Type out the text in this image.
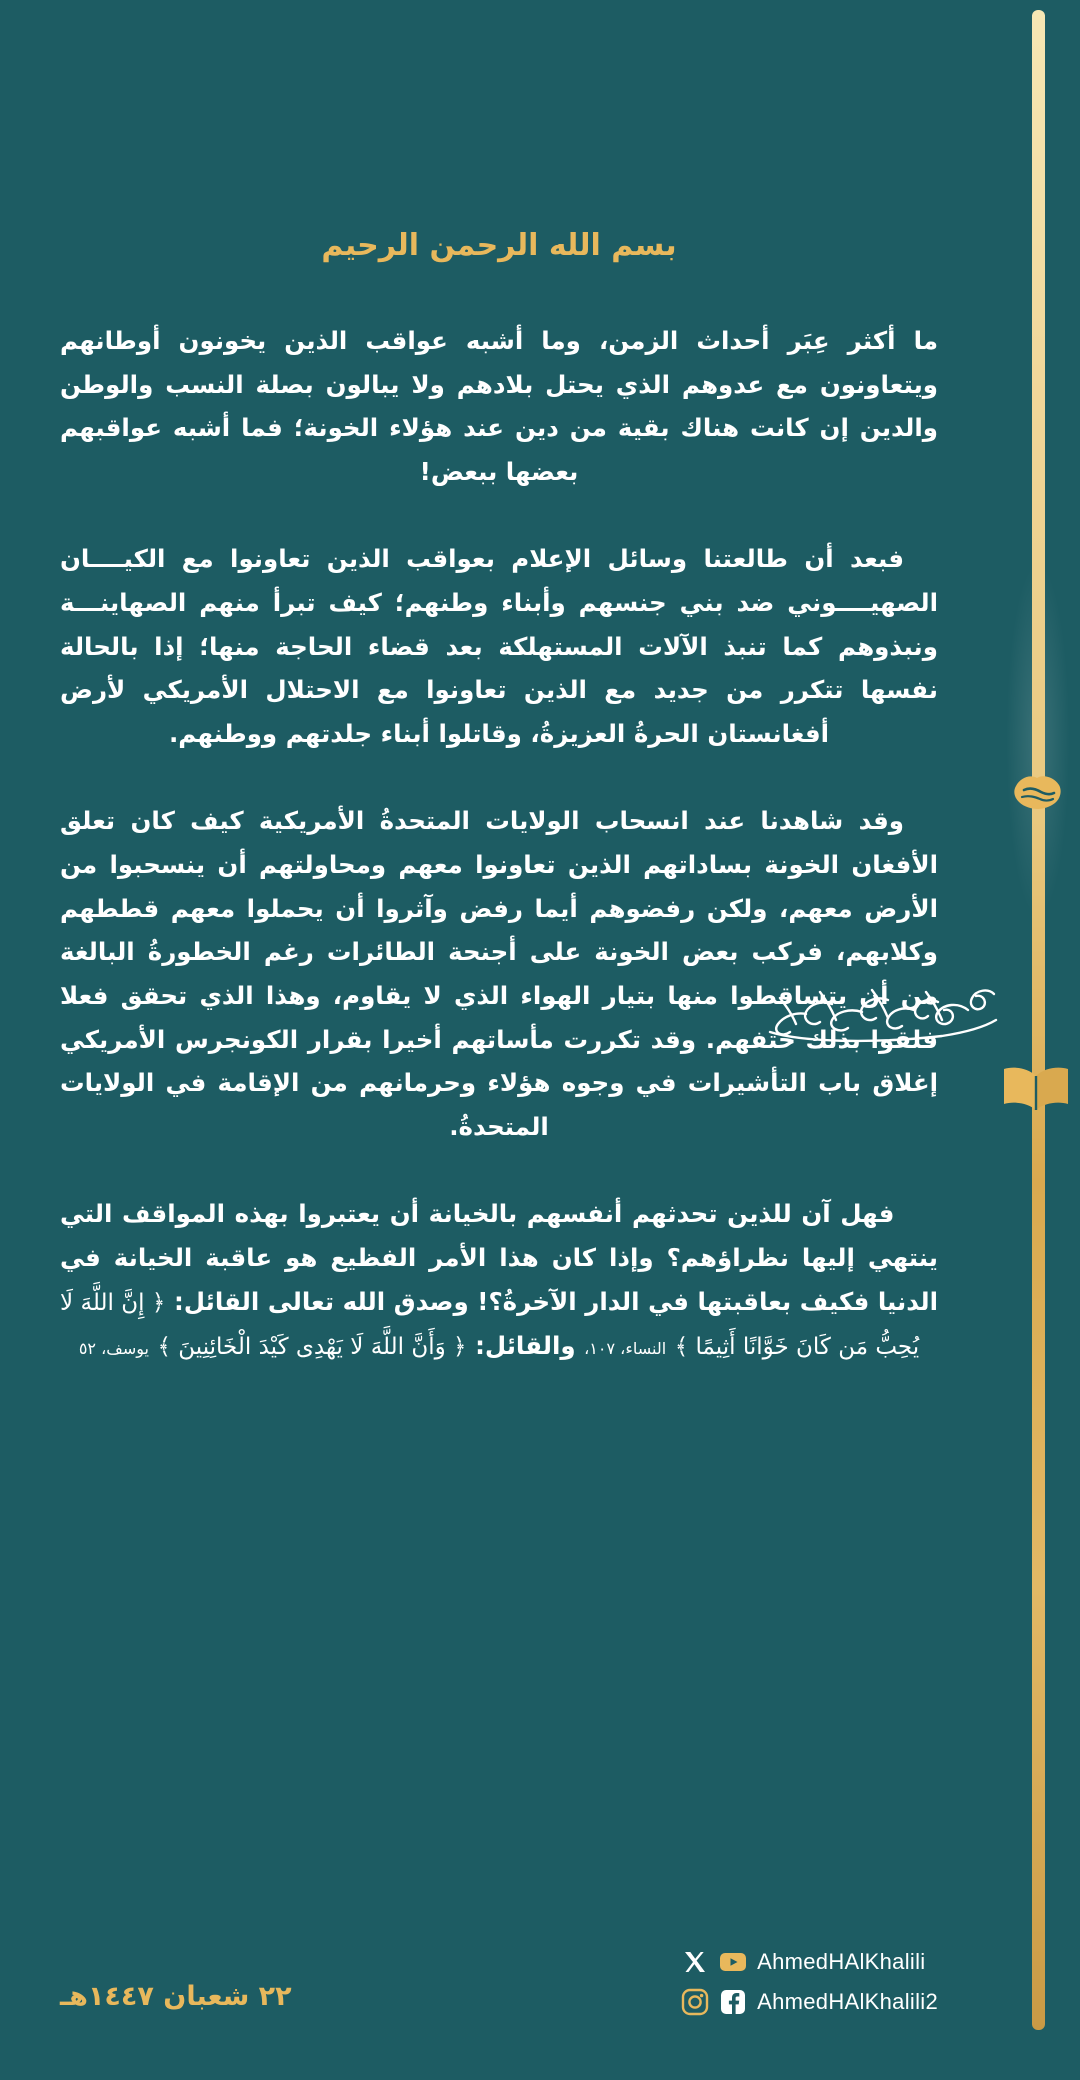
بسم الله الرحمن الرحيم

ما أكثر عِبَر أحداث الزمن، وما أشبه عواقب الذين يخونون أوطانهم ويتعاونون مع عدوهم الذي يحتل بلادهم ولا يبالون بصلة النسب والوطن والدين إن كانت هناك بقية من دين عند هؤلاء الخونة؛ فما أشبه عواقبهم بعضها ببعض!

فبعد أن طالعتنا وسائل الإعلام بعواقب الذين تعاونوا مع الكيــــان الصهيــــوني ضد بني جنسهم وأبناء وطنهم؛ كيف تبرأ منهم الصهاينـــة ونبذوهم كما تنبذ الآلات المستهلكة بعد قضاء الحاجة منها؛ إذا بالحالة نفسها تتكرر من جديد مع الذين تعاونوا مع الاحتلال الأمريكي لأرض أفغانستان الحرةُ العزيزةُ، وقاتلوا أبناء جلدتهم ووطنهم.

وقد شاهدنا عند انسحاب الولايات المتحدةُ الأمريكية كيف كان تعلق الأفغان الخونة بساداتهم الذين تعاونوا معهم ومحاولتهم أن ينسحبوا من الأرض معهم، ولكن رفضوهم أيما رفض وآثروا أن يحملوا معهم قططهم وكلابهم، فركب بعض الخونة على أجنحة الطائرات رغم الخطورةُ البالغة من أن يتساقطوا منها بتيار الهواء الذي لا يقاوم، وهذا الذي تحقق فعلا فلقوا بذلك حتفهم. وقد تكررت مأساتهم أخيرا بقرار الكونجرس الأمريكي إغلاق باب التأشيرات في وجوه هؤلاء وحرمانهم من الإقامة في الولايات المتحدةُ.

فهل آن للذين تحدثهم أنفسهم بالخيانة أن يعتبروا بهذه المواقف التي ينتهي إليها نظراؤهم؟ وإذا كان هذا الأمر الفظيع هو عاقبة الخيانة في الدنيا فكيف بعاقبتها في الدار الآخرةُ؟! وصدق الله تعالى القائل: ﴿ إِنَّ اللَّهَ لَا يُحِبُّ مَن كَانَ خَوَّانًا أَثِيمًا ﴾ النساء، ١٠٧، والقائل: ﴿ وَأَنَّ اللَّهَ لَا يَهْدِى كَيْدَ الْخَائِنِينَ ﴾ يوسف، ٥٢

٢٢ شعبان ١٤٤٧هـ
AhmedHAlKhalili
AhmedHAlKhalili2
